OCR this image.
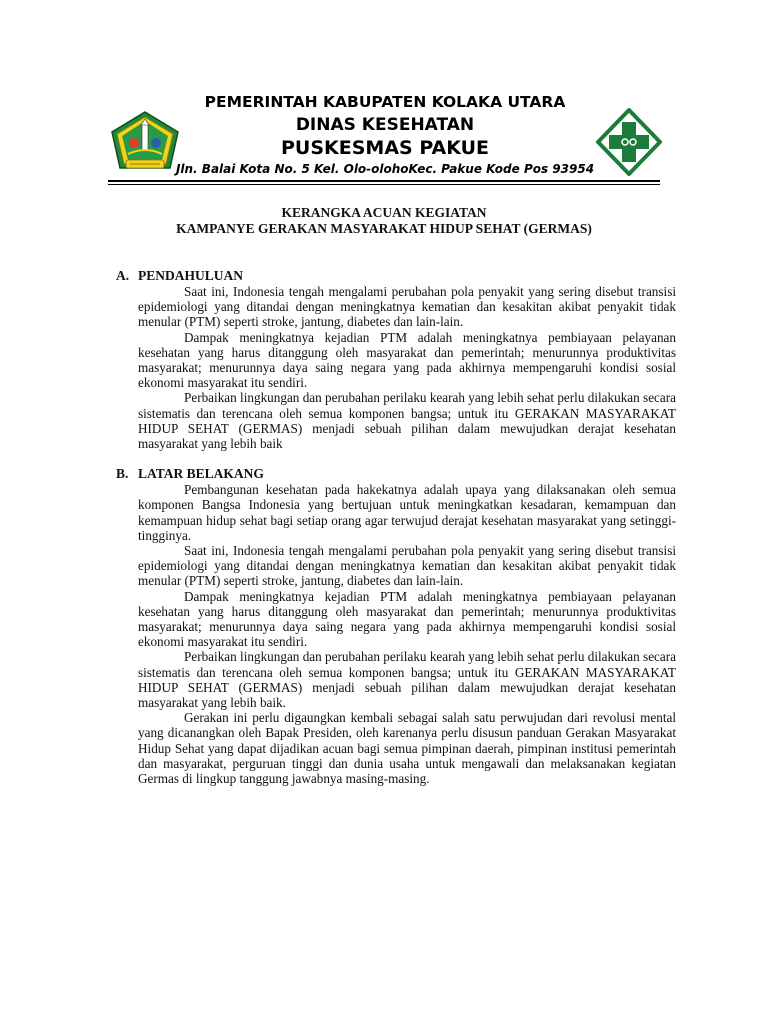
PEMERINTAH KABUPATEN KOLAKA UTARA
DINAS KESEHATAN
PUSKESMAS PAKUE
Jln. Balai Kota No. 5 Kel. Olo-olohoKec. Pakue Kode Pos 93954
KERANGKA ACUAN KEGIATAN
KAMPANYE GERAKAN MASYARAKAT HIDUP SEHAT (GERMAS)
A. PENDAHULUAN

Saat ini, Indonesia tengah mengalami perubahan pola penyakit yang sering disebut transisi epidemiologi yang ditandai dengan meningkatnya kematian dan kesakitan akibat penyakit tidak menular (PTM) seperti stroke, jantung, diabetes dan lain-lain.

Dampak meningkatnya kejadian PTM adalah meningkatnya pembiayaan pelayanan kesehatan yang harus ditanggung oleh masyarakat dan pemerintah; menurunnya produktivitas masyarakat; menurunnya daya saing negara yang pada akhirnya mempengaruhi kondisi sosial ekonomi masyarakat itu sendiri.

Perbaikan lingkungan dan perubahan perilaku kearah yang lebih sehat perlu dilakukan secara sistematis dan terencana oleh semua komponen bangsa; untuk itu GERAKAN MASYARAKAT HIDUP SEHAT (GERMAS) menjadi sebuah pilihan dalam mewujudkan derajat kesehatan masyarakat yang lebih baik

B. LATAR BELAKANG

Pembangunan kesehatan pada hakekatnya adalah upaya yang dilaksanakan oleh semua komponen Bangsa Indonesia yang bertujuan untuk meningkatkan kesadaran, kemampuan dan kemampuan hidup sehat bagi setiap orang agar terwujud derajat kesehatan masyarakat yang setinggi-tingginya.

Saat ini, Indonesia tengah mengalami perubahan pola penyakit yang sering disebut transisi epidemiologi yang ditandai dengan meningkatnya kematian dan kesakitan akibat penyakit tidak menular (PTM) seperti stroke, jantung, diabetes dan lain-lain.

Dampak meningkatnya kejadian PTM adalah meningkatnya pembiayaan pelayanan kesehatan yang harus ditanggung oleh masyarakat dan pemerintah; menurunnya produktivitas masyarakat; menurunnya daya saing negara yang pada akhirnya mempengaruhi kondisi sosial ekonomi masyarakat itu sendiri.

Perbaikan lingkungan dan perubahan perilaku kearah yang lebih sehat perlu dilakukan secara sistematis dan terencana oleh semua komponen bangsa; untuk itu GERAKAN MASYARAKAT HIDUP SEHAT (GERMAS) menjadi sebuah pilihan dalam mewujudkan derajat kesehatan masyarakat yang lebih baik.

Gerakan ini perlu digaungkan kembali sebagai salah satu perwujudan dari revolusi mental yang dicanangkan oleh Bapak Presiden, oleh karenanya perlu disusun panduan Gerakan Masyarakat Hidup Sehat yang dapat dijadikan acuan bagi semua pimpinan daerah, pimpinan institusi pemerintah dan masyarakat, perguruan tinggi dan dunia usaha untuk mengawali dan melaksanakan kegiatan Germas di lingkup tanggung jawabnya masing-masing.
